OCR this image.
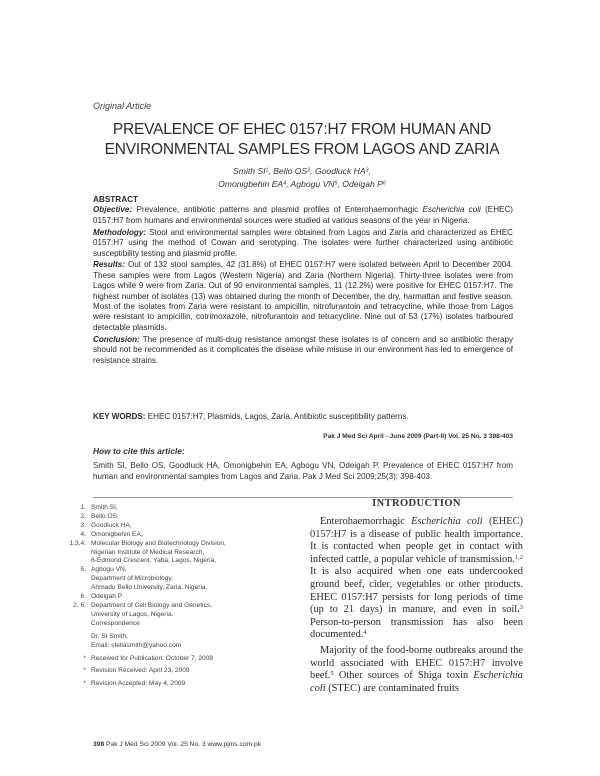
Original Article
PREVALENCE OF EHEC 0157:H7 FROM HUMAN AND
ENVIRONMENTAL SAMPLES FROM LAGOS AND ZARIA
Smith $SI^1$, Bello $OS^2$, Goodluck $HA^3$,
Omonigbehin $EA^4$, Agbogu $VN^5$, Odeigah $P^6$
ABSTRACT

Objective: Prevalence, antibiotic patterns and plasmid profiles of Enterohaemorrhagic Escherichia coli (EHEC) 0157:H7 from humans and environmental sources were studied at various seasons of the year in Nigeria.

Methodology: Stool and environmental samples were obtained from Lagos and Zaria and characterized as EHEC 0157:H7 using the method of Cowan and serotyping. The isolates were further characterized using antibiotic susceptibility testing and plasmid profile.

Results: Out of 132 stool samples, 42 (31.8%) of EHEC 0157:H7 were isolated between April to December 2004. These samples were from Lagos (Western Nigeria) and Zaria (Northern Nigeria). Thirty-three isolates were from Lagos while 9 were from Zaria. Out of 90 environmental samples, 11 (12.2%) were positive for EHEC 0157:H7. The highest number of isolates (13) was obtained during the month of December, the dry, harmattan and festive season. Most of the isolates from Zaria were resistant to ampicillin, nitrofurantoin and tetracycline, while those from Lagos were resistant to ampicillin, cotrimoxazole, nitrofurantoin and tetracycline. Nine out of 53 (17%) isolates harboured detectable plasmids.

Conclusion: The presence of multi-drug resistance amongst these isolates is of concern and so antibiotic therapy should not be recommended as it complicates the disease while misuse in our environment has led to emergence of resistance strains.

KEY WORDS: EHEC 0157:H7, Plasmids, Lagos, Zaria, Antibiotic susceptibility patterns.
Pak J Med Sci April - June 2009 (Part-II) Vol. 25 No. 3 398-403
How to cite this article:
Smith SI, Bello OS, Goodluck HA, Omonigbehin EA, Agbogu VN, Odeigah P. Prevalence of EHEC 0157:H7 from human and environmental samples from Lagos and Zaria. Pak J Med Sci 2009;25(3): 398-403.
1. Smith SI,
2. Bello OS,
3. Goodluck HA,
4. Omonigbehin EA,
1,3,4: Molecular Biology and Biotechnology Division,
Nigerian Institute of Medical Research,
6-Edmond Crescent, Yaba, Lagos, Nigeria.
5. Agbogu VN,
Department of Microbiology,
Ahmadu Bello University, Zaria, Nigeria.
6. Odeigah P
2, 6: Department of Cell Biology and Genetics,
University of Lagos, Nigeria.
Correspondence
Dr. SI Smith,
Email: stellasmith@yahoo.com
* Received for Publication: October 7, 2008
* Revision Received: April 23, 2009
* Revision Accepted: May 4, 2009
INTRODUCTION

Enterohaemorrhagic Escherichia coli (EHEC) 0157:H7 is a disease of public health importance. It is contacted when people get in contact with infected cattle, a popular vehicle of transmission.$^{1,2}$ It is also acquired when one eats undercooked ground beef, cider, vegetables or other products. EHEC 0157:H7 persists for long periods of time (up to 21 days) in manure, and even in soil.$^3$ Person-to-person transmission has also been documented.$^4$

Majority of the food-borne outbreaks around the world associated with EHEC 0157:H7 involve beef.$^5$ Other sources of Shiga toxin Escherichia coli (STEC) are contaminated fruits

398 Pak J Med Sci 2009 Vol. 25 No. 3 www.pjms.com.pk
